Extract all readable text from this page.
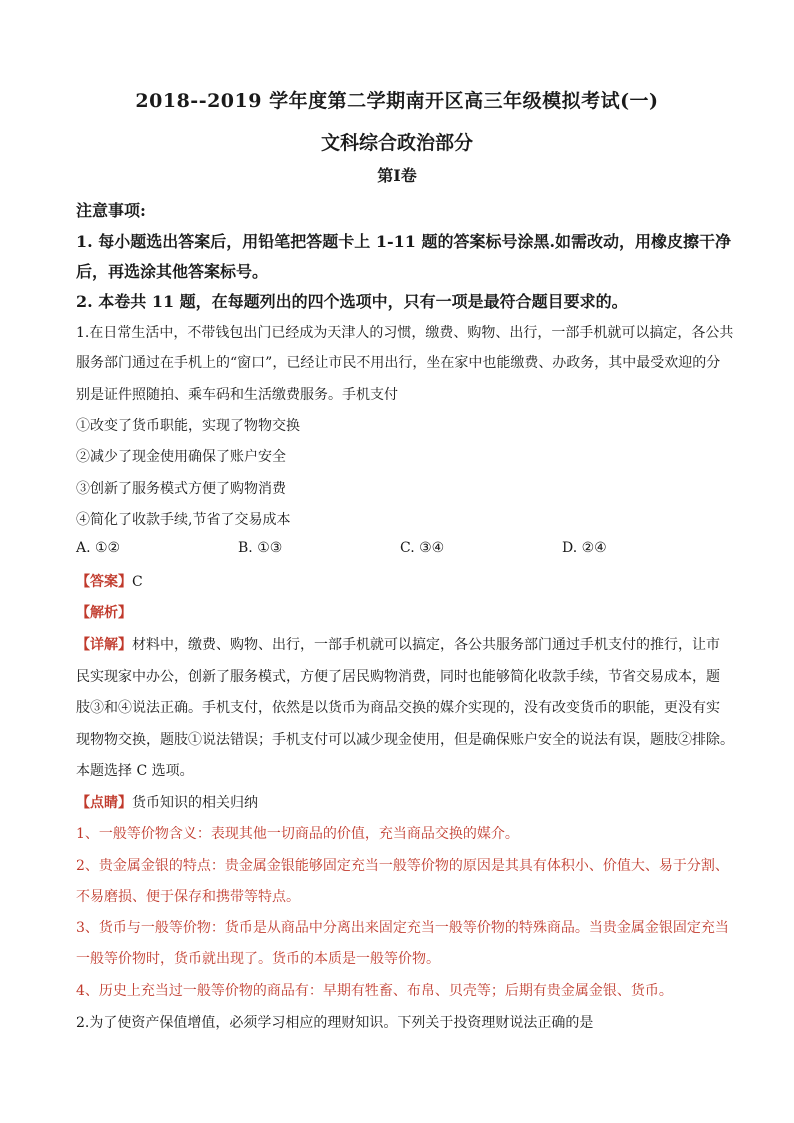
2018--2019 学年度第二学期南开区高三年级模拟考试(一)
文科综合政治部分
第I卷
注意事项:
1. 每小题选出答案后，用铅笔把答题卡上 1-11 题的答案标号涂黑.如需改动，用橡皮擦干净
后，再选涂其他答案标号。
2. 本卷共 11 题，在每题列出的四个选项中，只有一项是最符合题目要求的。
1.在日常生活中，不带钱包出门已经成为天津人的习惯，缴费、购物、出行，一部手机就可以搞定，各公共
服务部门通过在手机上的“窗口”，已经让市民不用出行，坐在家中也能缴费、办政务，其中最受欢迎的分
别是证件照随拍、乘车码和生活缴费服务。手机支付
①改变了货币职能，实现了物物交换
②减少了现金使用确保了账户安全
③创新了服务模式方便了购物消费
④简化了收款手续,节省了交易成本
A. ①②	B. ①③	C. ③④	D. ②④
【答案】C
【解析】
【详解】材料中，缴费、购物、出行，一部手机就可以搞定，各公共服务部门通过手机支付的推行，让市
民实现家中办公，创新了服务模式，方便了居民购物消费，同时也能够简化收款手续，节省交易成本，题
肢③和④说法正确。手机支付，依然是以货币为商品交换的媒介实现的，没有改变货币的职能，更没有实
现物物交换，题肢①说法错误；手机支付可以减少现金使用，但是确保账户安全的说法有误，题肢②排除。
本题选择 C 选项。
【点睛】货币知识的相关归纳
1、一般等价物含义：表现其他一切商品的价值，充当商品交换的媒介。
2、贵金属金银的特点：贵金属金银能够固定充当一般等价物的原因是其具有体积小、价值大、易于分割、
不易磨损、便于保存和携带等特点。
3、货币与一般等价物：货币是从商品中分离出来固定充当一般等价物的特殊商品。当贵金属金银固定充当
一般等价物时，货币就出现了。货币的本质是一般等价物。
4、历史上充当过一般等价物的商品有：早期有牲畜、布帛、贝壳等；后期有贵金属金银、货币。
2.为了使资产保值增值，必须学习相应的理财知识。下列关于投资理财说法正确的是
